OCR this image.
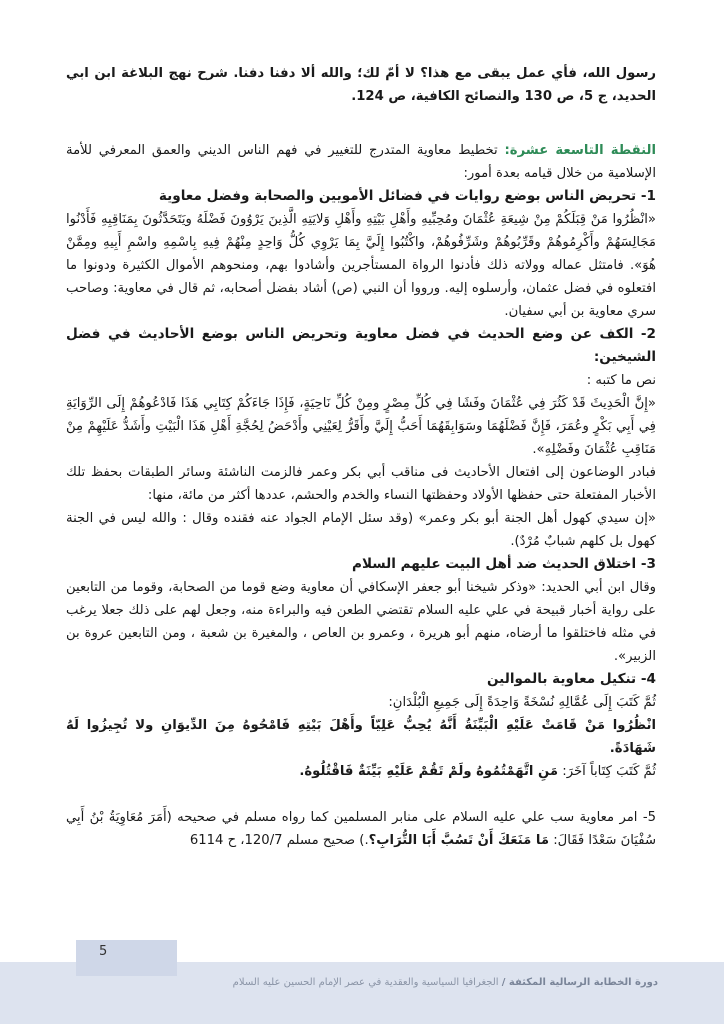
رسول الله، فأي عمل يبقى مع هذا؟ لا أمّ لك؛ والله ألا دفنا دفنا. شرح نهج البلاغة ابن ابي الحديد، ج 5، ص 130 والنصائح الكافية، ص 124.

النقطة التاسعة عشرة: تخطيط معاوية المتدرج للتغيير في فهم الناس الديني والعمق المعرفي للأمة الإسلامية من خلال قيامه بعدة أمور:

1- تحريض الناس بوضع روايات في فضائل الأمويين والصحابة وفضل معاوية

«انْظُرُوا مَنْ قِبَلَكُمْ مِنْ شِيعَةِ عُثْمَانَ ومُحِبِّيهِ وأَهْلِ بَيْتِهِ وأَهْلِ وَلايَتِهِ الَّذِينَ يَرْوُونَ فَضْلَهُ ويَتَحَدَّثُونَ بِمَنَاقِبِهِ فَأَدْنُوا مَجَالِسَهُمْ وأَكْرِمُوهُمْ وقَرِّبُوهُمْ وشَرِّفُوهُمْ، واكْتُبُوا إِلَيَّ بِمَا يَرْوِي كُلُّ وَاحِدٍ مِنْهُمْ فِيهِ بِاسْمِهِ واسْمِ أَبِيهِ ومِمَّنْ هُوَ». فامتثل عماله وولاته ذلك فأدنوا الرواة المستأجرين وأشادوا بهم، ومنحوهم الأموال الكثيرة ودونوا ما افتعلوه في فضل عثمان، وأرسلوه إليه. ورووا أن النبي (ص) أشاد بفضل أصحابه، ثم قال في معاوية: وصاحب سري معاوية بن أبي سفيان.

2- الكف عن وضع الحديث في فضل معاوية وتحريض الناس بوضع الأحاديث في فضل الشيخين:

نص ما كتبه :

«إِنَّ الْحَدِيثَ قَدْ كَثُرَ فِي عُثْمَانَ وفَشَا فِي كُلِّ مِصْرٍ ومِنْ كُلِّ نَاحِيَةٍ، فَإِذَا جَاءَكُمْ كِتَابِي هَذَا فَادْعُوهُمْ إِلَى الرِّوَايَةِ فِي أَبِي بَكْرٍ وعُمَرَ، فَإِنَّ فَضْلَهُمَا وسَوَابِقَهُمَا أَحَبُّ إِلَيَّ وأَقَرُّ لِعَيْنِي وأَدْحَضُ لِحُجَّةِ أَهْلِ هَذَا الْبَيْتِ وأَشَدُّ عَلَيْهِمْ مِنْ مَنَاقِبِ عُثْمَانَ وفَضْلِهِ».

فبادر الوضاعون إلى افتعال الأحاديث فى مناقب أبي بكر وعمر فالزمت الناشئة وسائر الطبقات بحفظ تلك الأخبار المفتعلة حتى حفظها الأولاد وحفظتها النساء والخدم والحشم، عددها أكثر من مائة، منها:

«إن سيدي كهول أهل الجنة أبو بكر وعمر» (وقد سئل الإمام الجواد عنه فقنده وقال : والله ليس في الجنة كهول بل كلهم شبابٌ مُرْدٌ).

3- اختلاق الحديث ضد أهل البيت عليهم السلام

وقال ابن أبي الحديد: «وذكر شيخنا أبو جعفر الإسكافي أن معاوية وضع قوما من الصحابة، وقوما من التابعين على رواية أخبار قبيحة في علي عليه السلام تقتضي الطعن فيه والبراءة منه، وجعل لهم على ذلك جعلا يرغب في مثله فاختلقوا ما أرضاه، منهم أبو هريرة ، وعمرو بن العاص ، والمغيرة بن شعبة ، ومن التابعين عروة بن الزبير».

4- تنكيل معاوية بالموالين

ثُمَّ كَتَبَ إِلَى عُمَّالِهِ نُسْخَةً وَاحِدَةً إِلَى جَمِيعِ الْبُلْدَانِ:

انْظُرُوا مَنْ قَامَتْ عَلَيْهِ الْبَيِّنَةُ أَنَّهُ يُحِبُّ عَلِيّاً وأَهْلَ بَيْتِهِ فَامْحُوهُ مِنَ الدِّيوَانِ ولا تُجِيزُوا لَهُ شَهَادَةً.

ثُمَّ كَتَبَ كِتَاباً آخَرَ: مَنِ اتَّهَمْتُمُوهُ ولَمْ تَقُمْ عَلَيْهِ بَيِّنَةٌ فَاقْتُلُوهُ.

5- امر معاوية سب علي عليه السلام على منابر المسلمين كما رواه مسلم في صحيحه (أَمَرَ مُعَاوِيَةُ بْنُ أَبِي سُفْيَانَ سَعْدًا فَقَالَ: مَا مَنَعَكَ أَنْ تَسُبَّ أَبَا التُّرَابِ؟.) صحيح مسلم 120/7، ح 6114

5
دورة الخطابة الرسالية المكثفة / الجغرافيا السياسية والعقدية في عصر الإمام الحسين عليه السلام
